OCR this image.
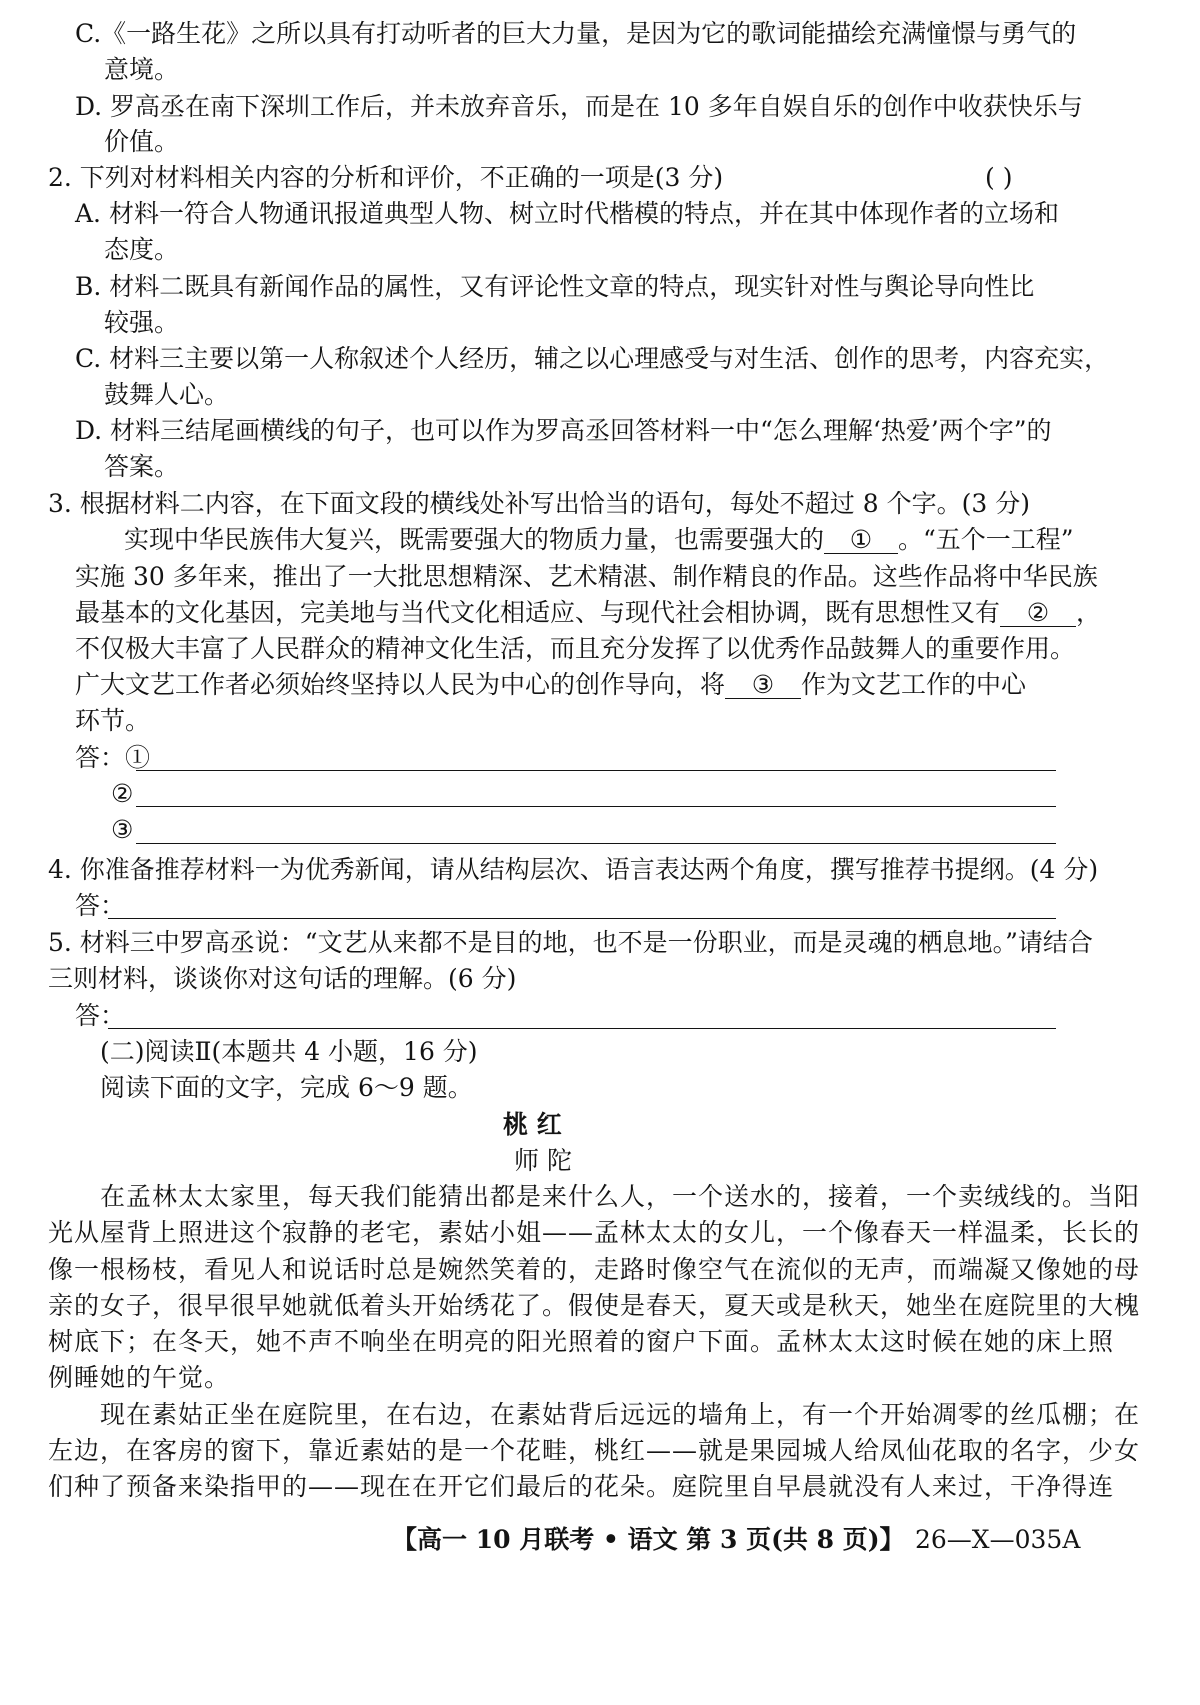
C.《一路生花》之所以具有打动听者的巨大力量，是因为它的歌词能描绘充满憧憬与勇气的
意境。
D. 罗高丞在南下深圳工作后，并未放弃音乐，而是在 10 多年自娱自乐的创作中收获快乐与
价值。
2. 下列对材料相关内容的分析和评价，不正确的一项是(3 分)	( )
A. 材料一符合人物通讯报道典型人物、树立时代楷模的特点，并在其中体现作者的立场和
态度。
B. 材料二既具有新闻作品的属性，又有评论性文章的特点，现实针对性与舆论导向性比
较强。
C. 材料三主要以第一人称叙述个人经历，辅之以心理感受与对生活、创作的思考，内容充实，
鼓舞人心。
D. 材料三结尾画横线的句子，也可以作为罗高丞回答材料一中“怎么理解‘热爱’两个字”的
答案。
3. 根据材料二内容，在下面文段的横线处补写出恰当的语句，每处不超过 8 个字。(3 分)
实现中华民族伟大复兴，既需要强大的物质力量，也需要强大的 ① 。“五个一工程”
实施 30 多年来，推出了一大批思想精深、艺术精湛、制作精良的作品。这些作品将中华民族
最基本的文化基因，完美地与当代文化相适应、与现代社会相协调，既有思想性又有 ② ，
不仅极大丰富了人民群众的精神文化生活，而且充分发挥了以优秀作品鼓舞人的重要作用。
广大文艺工作者必须始终坚持以人民为中心的创作导向，将 ③ 作为文艺工作的中心
环节。
答：①
②
③
4. 你准备推荐材料一为优秀新闻，请从结构层次、语言表达两个角度，撰写推荐书提纲。(4 分)
答：
5. 材料三中罗高丞说：“文艺从来都不是目的地，也不是一份职业，而是灵魂的栖息地。”请结合
三则材料，谈谈你对这句话的理解。(6 分)
答：
(二)阅读Ⅱ(本题共 4 小题，16 分)
阅读下面的文字，完成 6～9 题。
桃 红
师 陀
在孟林太太家里，每天我们能猜出都是来什么人，一个送水的，接着，一个卖绒线的。当阳
光从屋背上照进这个寂静的老宅，素姑小姐——孟林太太的女儿，一个像春天一样温柔，长长的
像一根杨枝，看见人和说话时总是婉然笑着的，走路时像空气在流似的无声，而端凝又像她的母
亲的女子，很早很早她就低着头开始绣花了。假使是春天，夏天或是秋天，她坐在庭院里的大槐
树底下；在冬天，她不声不响坐在明亮的阳光照着的窗户下面。孟林太太这时候在她的床上照
例睡她的午觉。
现在素姑正坐在庭院里，在右边，在素姑背后远远的墙角上，有一个开始凋零的丝瓜棚；在
左边，在客房的窗下，靠近素姑的是一个花畦，桃红——就是果园城人给凤仙花取的名字，少女
们种了预备来染指甲的——现在在开它们最后的花朵。庭院里自早晨就没有人来过，干净得连
【高一 10 月联考 • 语文 第 3 页(共 8 页)】 26—X—035A
